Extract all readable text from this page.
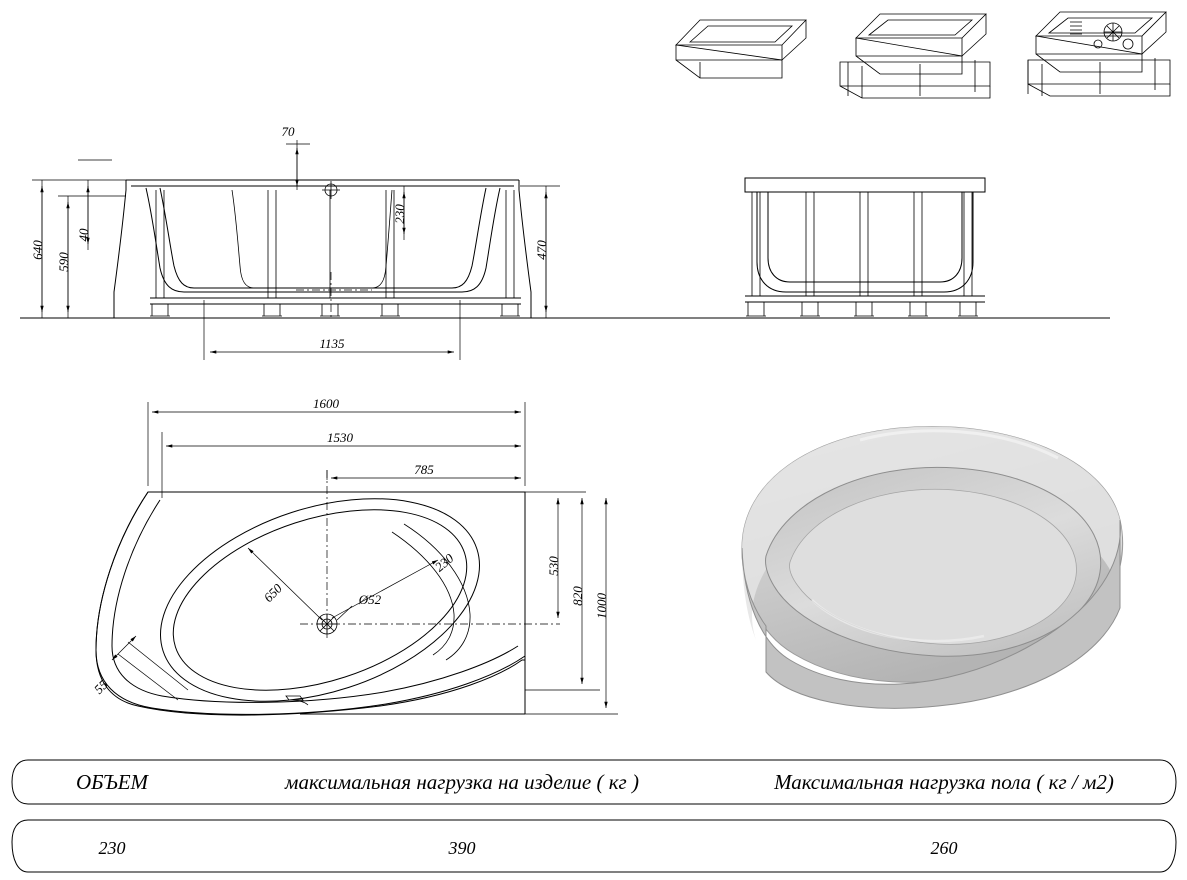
70
230
40
590
640	470
1135
1600
1530
785
530
820 1000
650
230
Ø52
55
ОБЪЕМ	максимальная нагрузка на изделие ( кг )	Максимальная нагрузка пола ( кг / м2)
230	390	260
